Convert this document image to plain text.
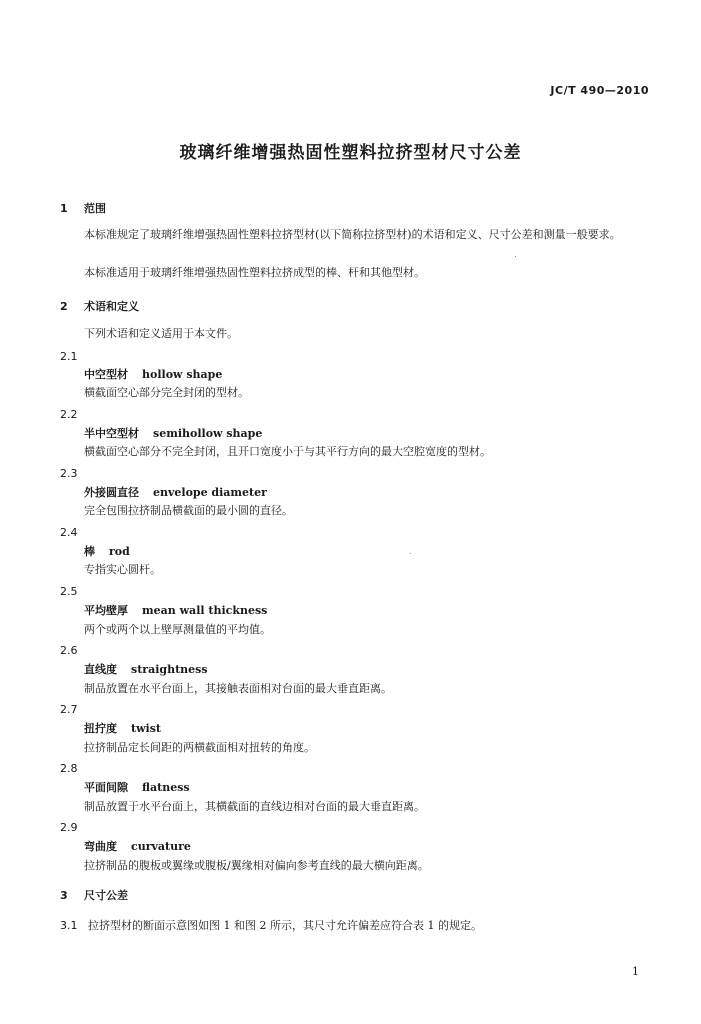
JC/T 490—2010
玻璃纤维增强热固性塑料拉挤型材尺寸公差
1 范围
本标准规定了玻璃纤维增强热固性塑料拉挤型材(以下简称拉挤型材)的术语和定义、尺寸公差和测量一般要求。
本标准适用于玻璃纤维增强热固性塑料拉挤成型的棒、杆和其他型材。
2 术语和定义
下列术语和定义适用于本文件。
2.1
中空型材 hollow shape
横截面空心部分完全封闭的型材。
2.2
半中空型材 semihollow shape
横截面空心部分不完全封闭，且开口宽度小于与其平行方向的最大空腔宽度的型材。
2.3
外接圆直径 envelope diameter
完全包围拉挤制品横截面的最小圆的直径。
2.4
棒 rod
专指实心圆杆。
2.5
平均壁厚 mean wall thickness
两个或两个以上壁厚测量值的平均值。
2.6
直线度 straightness
制品放置在水平台面上，其接触表面相对台面的最大垂直距离。
2.7
扭拧度 twist
拉挤制品定长间距的两横截面相对扭转的角度。
2.8
平面间隙 flatness
制品放置于水平台面上，其横截面的直线边相对台面的最大垂直距离。
2.9
弯曲度 curvature
拉挤制品的腹板或翼缘或腹板/翼缘相对偏向参考直线的最大横向距离。
3 尺寸公差
3.1 拉挤型材的断面示意图如图 1 和图 2 所示，其尺寸允许偏差应符合表 1 的规定。
1
